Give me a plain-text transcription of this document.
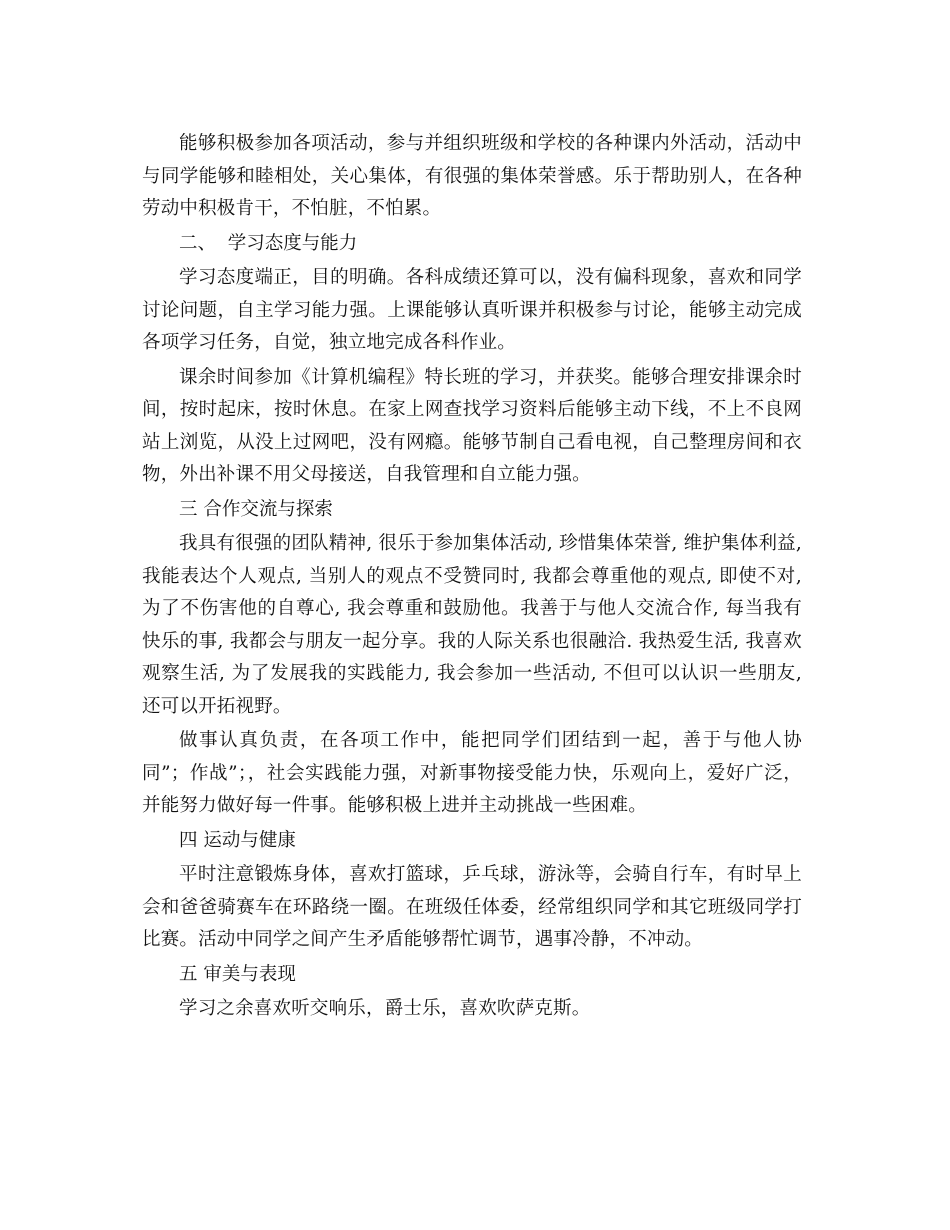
能够积极参加各项活动，参与并组织班级和学校的各种课内外活动，活动中与同学能够和睦相处，关心集体，有很强的集体荣誉感。乐于帮助别人，在各种劳动中积极肯干，不怕脏，不怕累。

二、  学习态度与能力

学习态度端正，目的明确。各科成绩还算可以，没有偏科现象，喜欢和同学讨论问题，自主学习能力强。上课能够认真听课并积极参与讨论，能够主动完成各项学习任务，自觉，独立地完成各科作业。

课余时间参加《计算机编程》特长班的学习，并获奖。能够合理安排课余时间，按时起床，按时休息。在家上网查找学习资料后能够主动下线，不上不良网站上浏览，从没上过网吧，没有网瘾。能够节制自己看电视，自己整理房间和衣物，外出补课不用父母接送，自我管理和自立能力强。

三 合作交流与探索

我具有很强的团队精神, 很乐于参加集体活动, 珍惜集体荣誉, 维护集体利益, 我能表达个人观点, 当别人的观点不受赞同时, 我都会尊重他的观点, 即使不对, 为了不伤害他的自尊心, 我会尊重和鼓励他。我善于与他人交流合作, 每当我有快乐的事, 我都会与朋友一起分享。我的人际关系也很融洽. 我热爱生活, 我喜欢观察生活, 为了发展我的实践能力, 我会参加一些活动, 不但可以认识一些朋友, 还可以开拓视野。

做事认真负责，在各项工作中，能把同学们团结到一起，善于与他人协同”；作战”；，社会实践能力强，对新事物接受能力快，乐观向上，爱好广泛，并能努力做好每一件事。能够积极上进并主动挑战一些困难。

四 运动与健康

平时注意锻炼身体，喜欢打篮球，乒乓球，游泳等，会骑自行车，有时早上会和爸爸骑赛车在环路绕一圈。在班级任体委，经常组织同学和其它班级同学打比赛。活动中同学之间产生矛盾能够帮忙调节，遇事冷静，不冲动。

五 审美与表现

学习之余喜欢听交响乐，爵士乐，喜欢吹萨克斯。
